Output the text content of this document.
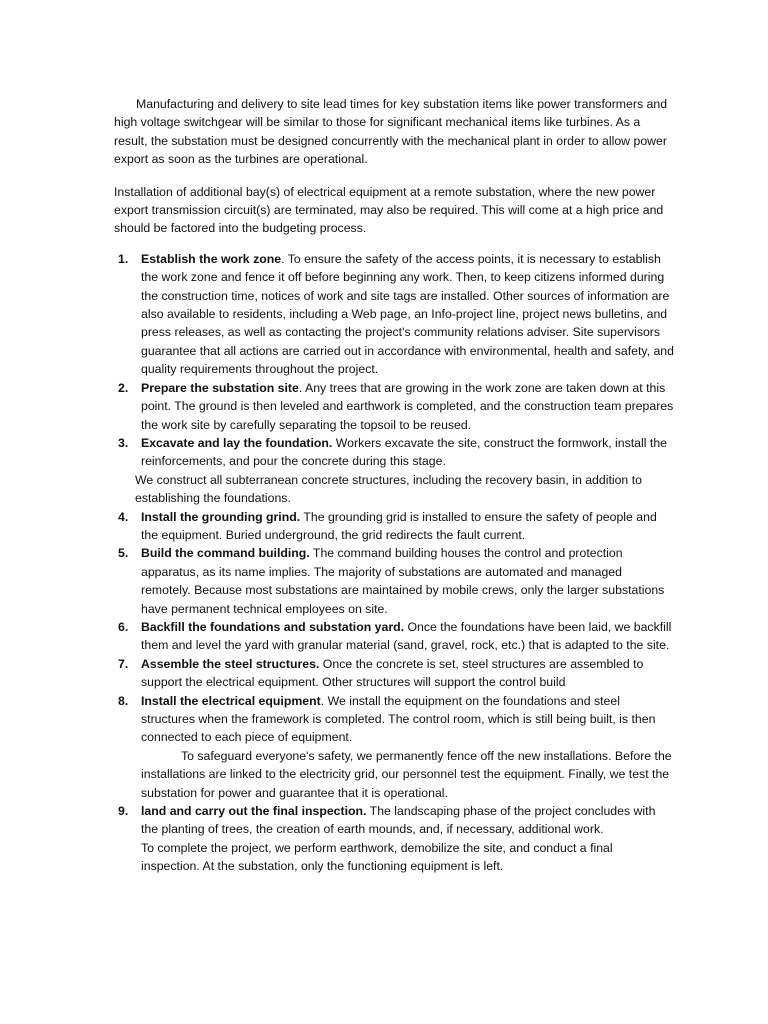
Manufacturing and delivery to site lead times for key substation items like power transformers and high voltage switchgear will be similar to those for significant mechanical items like turbines. As a result, the substation must be designed concurrently with the mechanical plant in order to allow power export as soon as the turbines are operational.

Installation of additional bay(s) of electrical equipment at a remote substation, where the new power export transmission circuit(s) are terminated, may also be required. This will come at a high price and should be factored into the budgeting process.

1. Establish the work zone. To ensure the safety of the access points, it is necessary to establish the work zone and fence it off before beginning any work. Then, to keep citizens informed during the construction time, notices of work and site tags are installed. Other sources of information are also available to residents, including a Web page, an Info-project line, project news bulletins, and press releases, as well as contacting the project's community relations adviser. Site supervisors guarantee that all actions are carried out in accordance with environmental, health and safety, and quality requirements throughout the project.
2. Prepare the substation site. Any trees that are growing in the work zone are taken down at this point. The ground is then leveled and earthwork is completed, and the construction team prepares the work site by carefully separating the topsoil to be reused.
3. Excavate and lay the foundation. Workers excavate the site, construct the formwork, install the reinforcements, and pour the concrete during this stage.
We construct all subterranean concrete structures, including the recovery basin, in addition to establishing the foundations.
4. Install the grounding grind. The grounding grid is installed to ensure the safety of people and the equipment. Buried underground, the grid redirects the fault current.
5. Build the command building. The command building houses the control and protection apparatus, as its name implies. The majority of substations are automated and managed remotely. Because most substations are maintained by mobile crews, only the larger substations have permanent technical employees on site.
6. Backfill the foundations and substation yard. Once the foundations have been laid, we backfill them and level the yard with granular material (sand, gravel, rock, etc.) that is adapted to the site.
7. Assemble the steel structures. Once the concrete is set, steel structures are assembled to support the electrical equipment. Other structures will support the control build
8. Install the electrical equipment. We install the equipment on the foundations and steel structures when the framework is completed. The control room, which is still being built, is then connected to each piece of equipment.
To safeguard everyone's safety, we permanently fence off the new installations. Before the installations are linked to the electricity grid, our personnel test the equipment. Finally, we test the substation for power and guarantee that it is operational.
9. land and carry out the final inspection. The landscaping phase of the project concludes with the planting of trees, the creation of earth mounds, and, if necessary, additional work.
To complete the project, we perform earthwork, demobilize the site, and conduct a final inspection. At the substation, only the functioning equipment is left.
